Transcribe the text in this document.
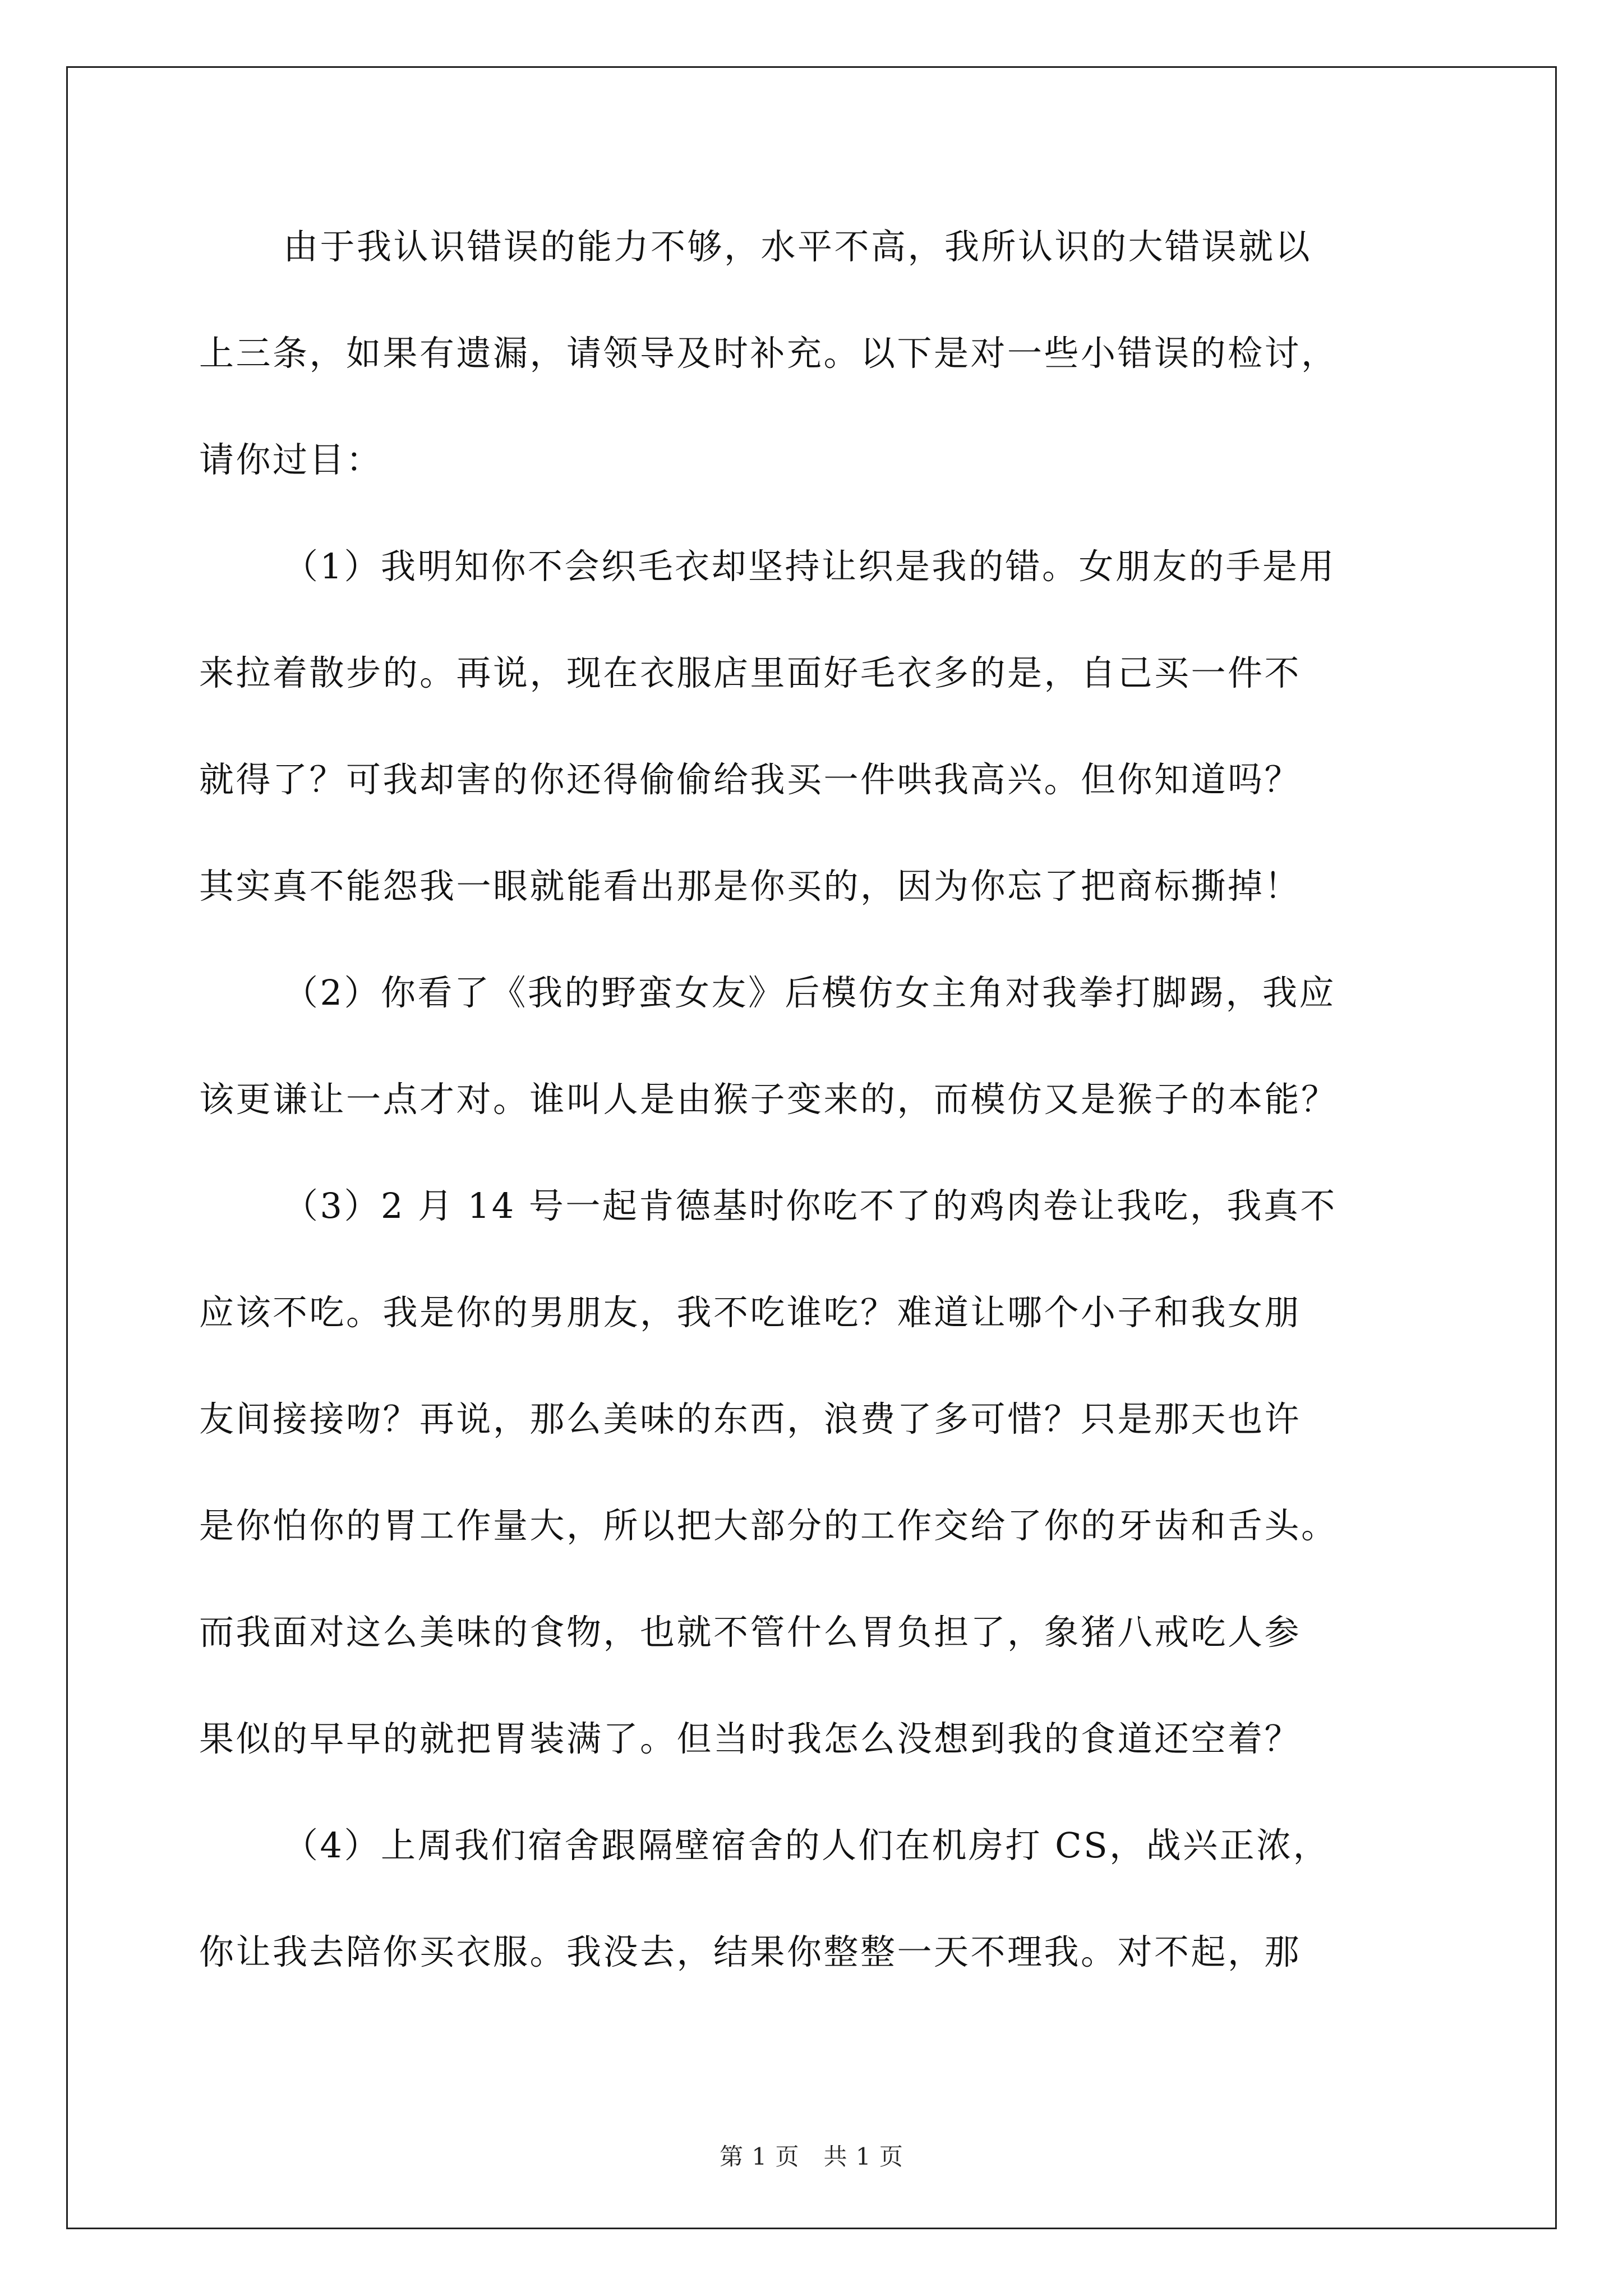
由于我认识错误的能力不够，水平不高，我所认识的大错误就以
上三条，如果有遗漏，请领导及时补充。以下是对一些小错误的检讨，
请你过目：
（1）我明知你不会织毛衣却坚持让织是我的错。女朋友的手是用
来拉着散步的。再说，现在衣服店里面好毛衣多的是，自己买一件不
就得了？可我却害的你还得偷偷给我买一件哄我高兴。但你知道吗？
其实真不能怨我一眼就能看出那是你买的，因为你忘了把商标撕掉！
（2）你看了《我的野蛮女友》后模仿女主角对我拳打脚踢，我应
该更谦让一点才对。谁叫人是由猴子变来的，而模仿又是猴子的本能？
（3）2 月 14 号一起肯德基时你吃不了的鸡肉卷让我吃，我真不
应该不吃。我是你的男朋友，我不吃谁吃？难道让哪个小子和我女朋
友间接接吻？再说，那么美味的东西，浪费了多可惜？只是那天也许
是你怕你的胃工作量大，所以把大部分的工作交给了你的牙齿和舌头。
而我面对这么美味的食物，也就不管什么胃负担了，象猪八戒吃人参
果似的早早的就把胃装满了。但当时我怎么没想到我的食道还空着？
（4）上周我们宿舍跟隔壁宿舍的人们在机房打 CS，战兴正浓，
你让我去陪你买衣服。我没去，结果你整整一天不理我。对不起，那
第 1 页　共 1 页
